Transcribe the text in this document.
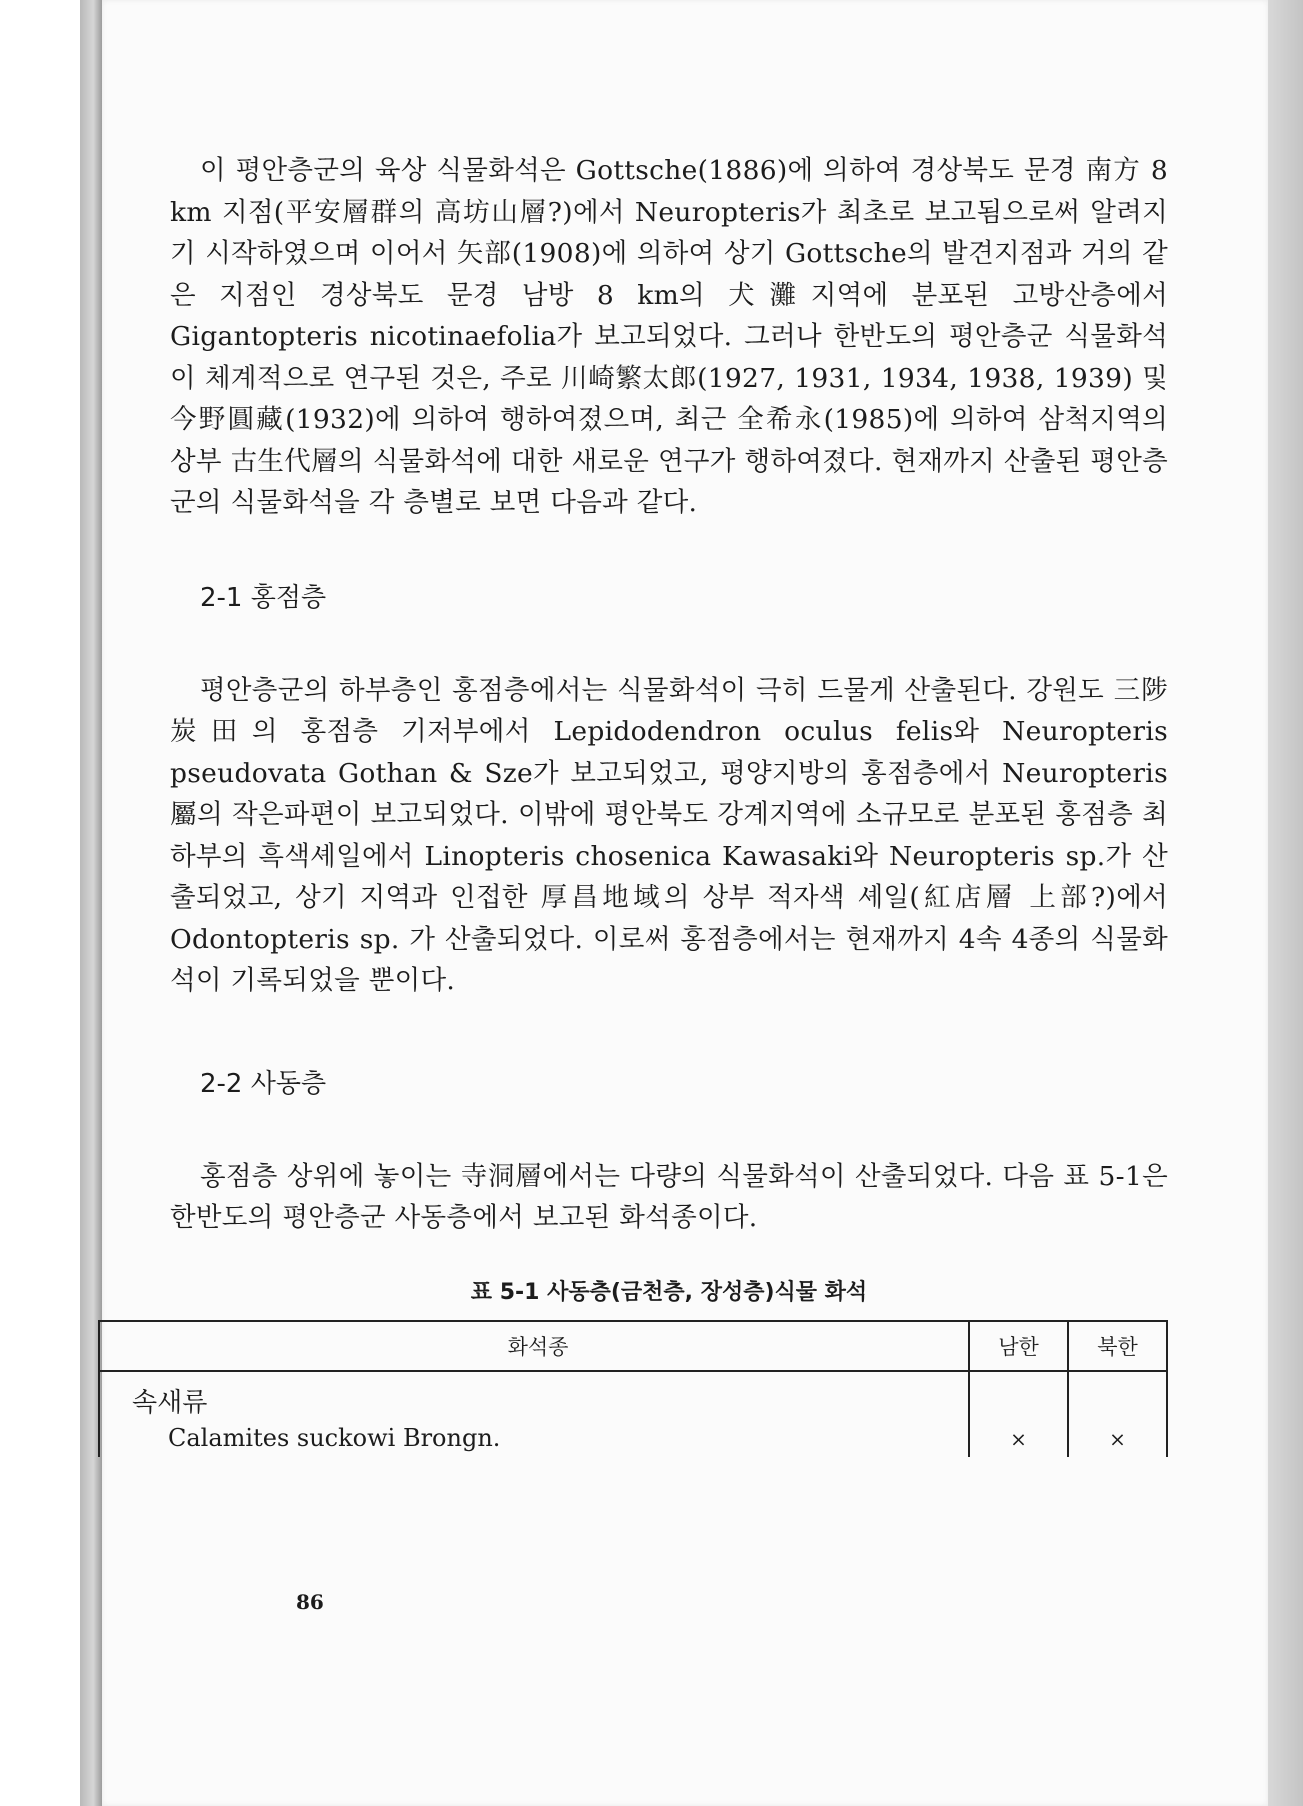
이 평안층군의 육상 식물화석은 Gottsche(1886)에 의하여 경상북도 문경 南方 8 km 지점(平安層群의 高坊山層?)에서 Neuropteris가 최초로 보고됨으로써 알려지기 시작하였으며 이어서 矢部(1908)에 의하여 상기 Gottsche의 발견지점과 거의 같은 지점인 경상북도 문경 남방 8 km의 犬灘지역에 분포된 고방산층에서 Gigantopteris nicotinaefolia가 보고되었다. 그러나 한반도의 평안층군 식물화석이 체계적으로 연구된 것은, 주로 川崎繁太郎(1927, 1931, 1934, 1938, 1939) 및 今野圓藏(1932)에 의하여 행하여졌으며, 최근 全希永(1985)에 의하여 삼척지역의 상부 古生代層의 식물화석에 대한 새로운 연구가 행하여졌다. 현재까지 산출된 평안층군의 식물화석을 각 층별로 보면 다음과 같다.

2-1 홍점층

평안층군의 하부층인 홍점층에서는 식물화석이 극히 드물게 산출된다. 강원도 三陟炭田의 홍점층 기저부에서 Lepidodendron oculus felis와 Neuropteris pseudovata Gothan & Sze가 보고되었고, 평양지방의 홍점층에서 Neuropteris屬의 작은파편이 보고되었다. 이밖에 평안북도 강계지역에 소규모로 분포된 홍점층 최하부의 흑색셰일에서 Linopteris chosenica Kawasaki와 Neuropteris sp.가 산출되었고, 상기 지역과 인접한 厚昌地域의 상부 적자색 셰일(紅店層 上部?)에서 Odontopteris sp. 가 산출되었다. 이로써 홍점층에서는 현재까지 4속 4종의 식물화석이 기록되었을 뿐이다.

2-2 사동층

홍점층 상위에 놓이는 寺洞層에서는 다량의 식물화석이 산출되었다. 다음 표 5-1은 한반도의 평안층군 사동층에서 보고된 화석종이다.

표 5-1 사동층(금천층, 장성층)식물 화석
	화석종	남한	북한
	속새류		
	Calamites suckowi Brongn.	×	×
86
